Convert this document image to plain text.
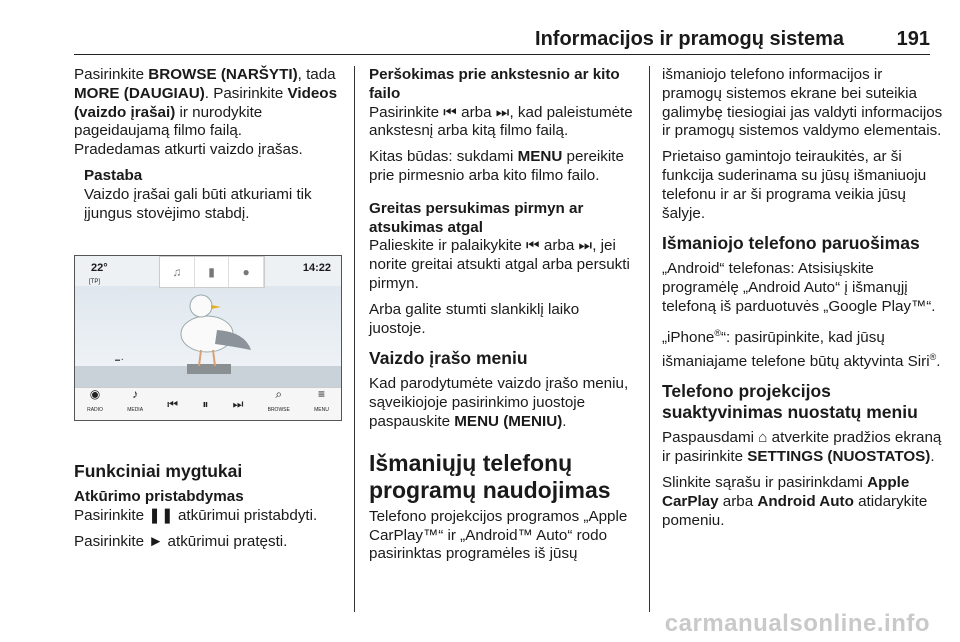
Informacijos ir pramogų sistema	191

Pasirinkite BROWSE (NARŠYTI), tada MORE (DAUGIAU). Pasirinkite Videos (vaizdo įrašai) ir nurodykite pageidaujamą filmo failą.

Pradedamas atkurti vaizdo įrašas.

Pastaba
Vaizdo įrašai gali būti atkuriami tik įjungus stovėjimo stabdį.
♫	▮	●
22°
[TP]
14:22
▬ ▪
◉
RADIO
♪
MEDIA ⏮ ⏸ ⏭
⌕
BROWSE
≡
MENU
Funkciniai mygtukai
Atkūrimo pristabdymas

Pasirinkite ❚❚ atkūrimui pristabdyti.

Pasirinkite ► atkūrimui pratęsti.

Peršokimas prie ankstesnio ar kito failo

Pasirinkite ⏮ arba ⏭, kad paleistumėte ankstesnį arba kitą filmo failą.

Kitas būdas: sukdami MENU pereikite prie pirmesnio arba kito filmo failo.

Greitas persukimas pirmyn ar atsukimas atgal

Palieskite ir palaikykite ⏮ arba ⏭, jei norite greitai atsukti atgal arba persukti pirmyn.

Arba galite stumti slankiklį laiko juostoje.

Vaizdo įrašo meniu

Kad parodytumėte vaizdo įrašo meniu, sąveikiojoje pasirinkimo juostoje paspauskite MENU (MENIU).

Išmaniųjų telefonų programų naudojimas

Telefono projekcijos programos „Apple CarPlay™“ ir „Android™ Auto“ rodo pasirinktas programėles iš jūsų

išmaniojo telefono informacijos ir pramogų sistemos ekrane bei suteikia galimybę tiesiogiai jas valdyti informacijos ir pramogų sistemos valdymo elementais.

Prietaiso gamintojo teiraukitės, ar ši funkcija suderinama su jūsų išmaniuoju telefonu ir ar ši programa veikia jūsų šalyje.

Išmaniojo telefono paruošimas

„Android“ telefonas: Atsisiųskite programėlę „Android Auto“ į išmanųjį telefoną iš parduotuvės „Google Play™“.

„iPhone®“: pasirūpinkite, kad jūsų išmaniajame telefone būtų aktyvinta Siri®.

Telefono projekcijos suaktyvinimas nuostatų meniu

Paspausdami ⌂ atverkite pradžios ekraną ir pasirinkite SETTINGS (NUOSTATOS).

Slinkite sąrašu ir pasirinkdami Apple CarPlay arba Android Auto atidarykite pomeniu.

carmanualsonline.info
